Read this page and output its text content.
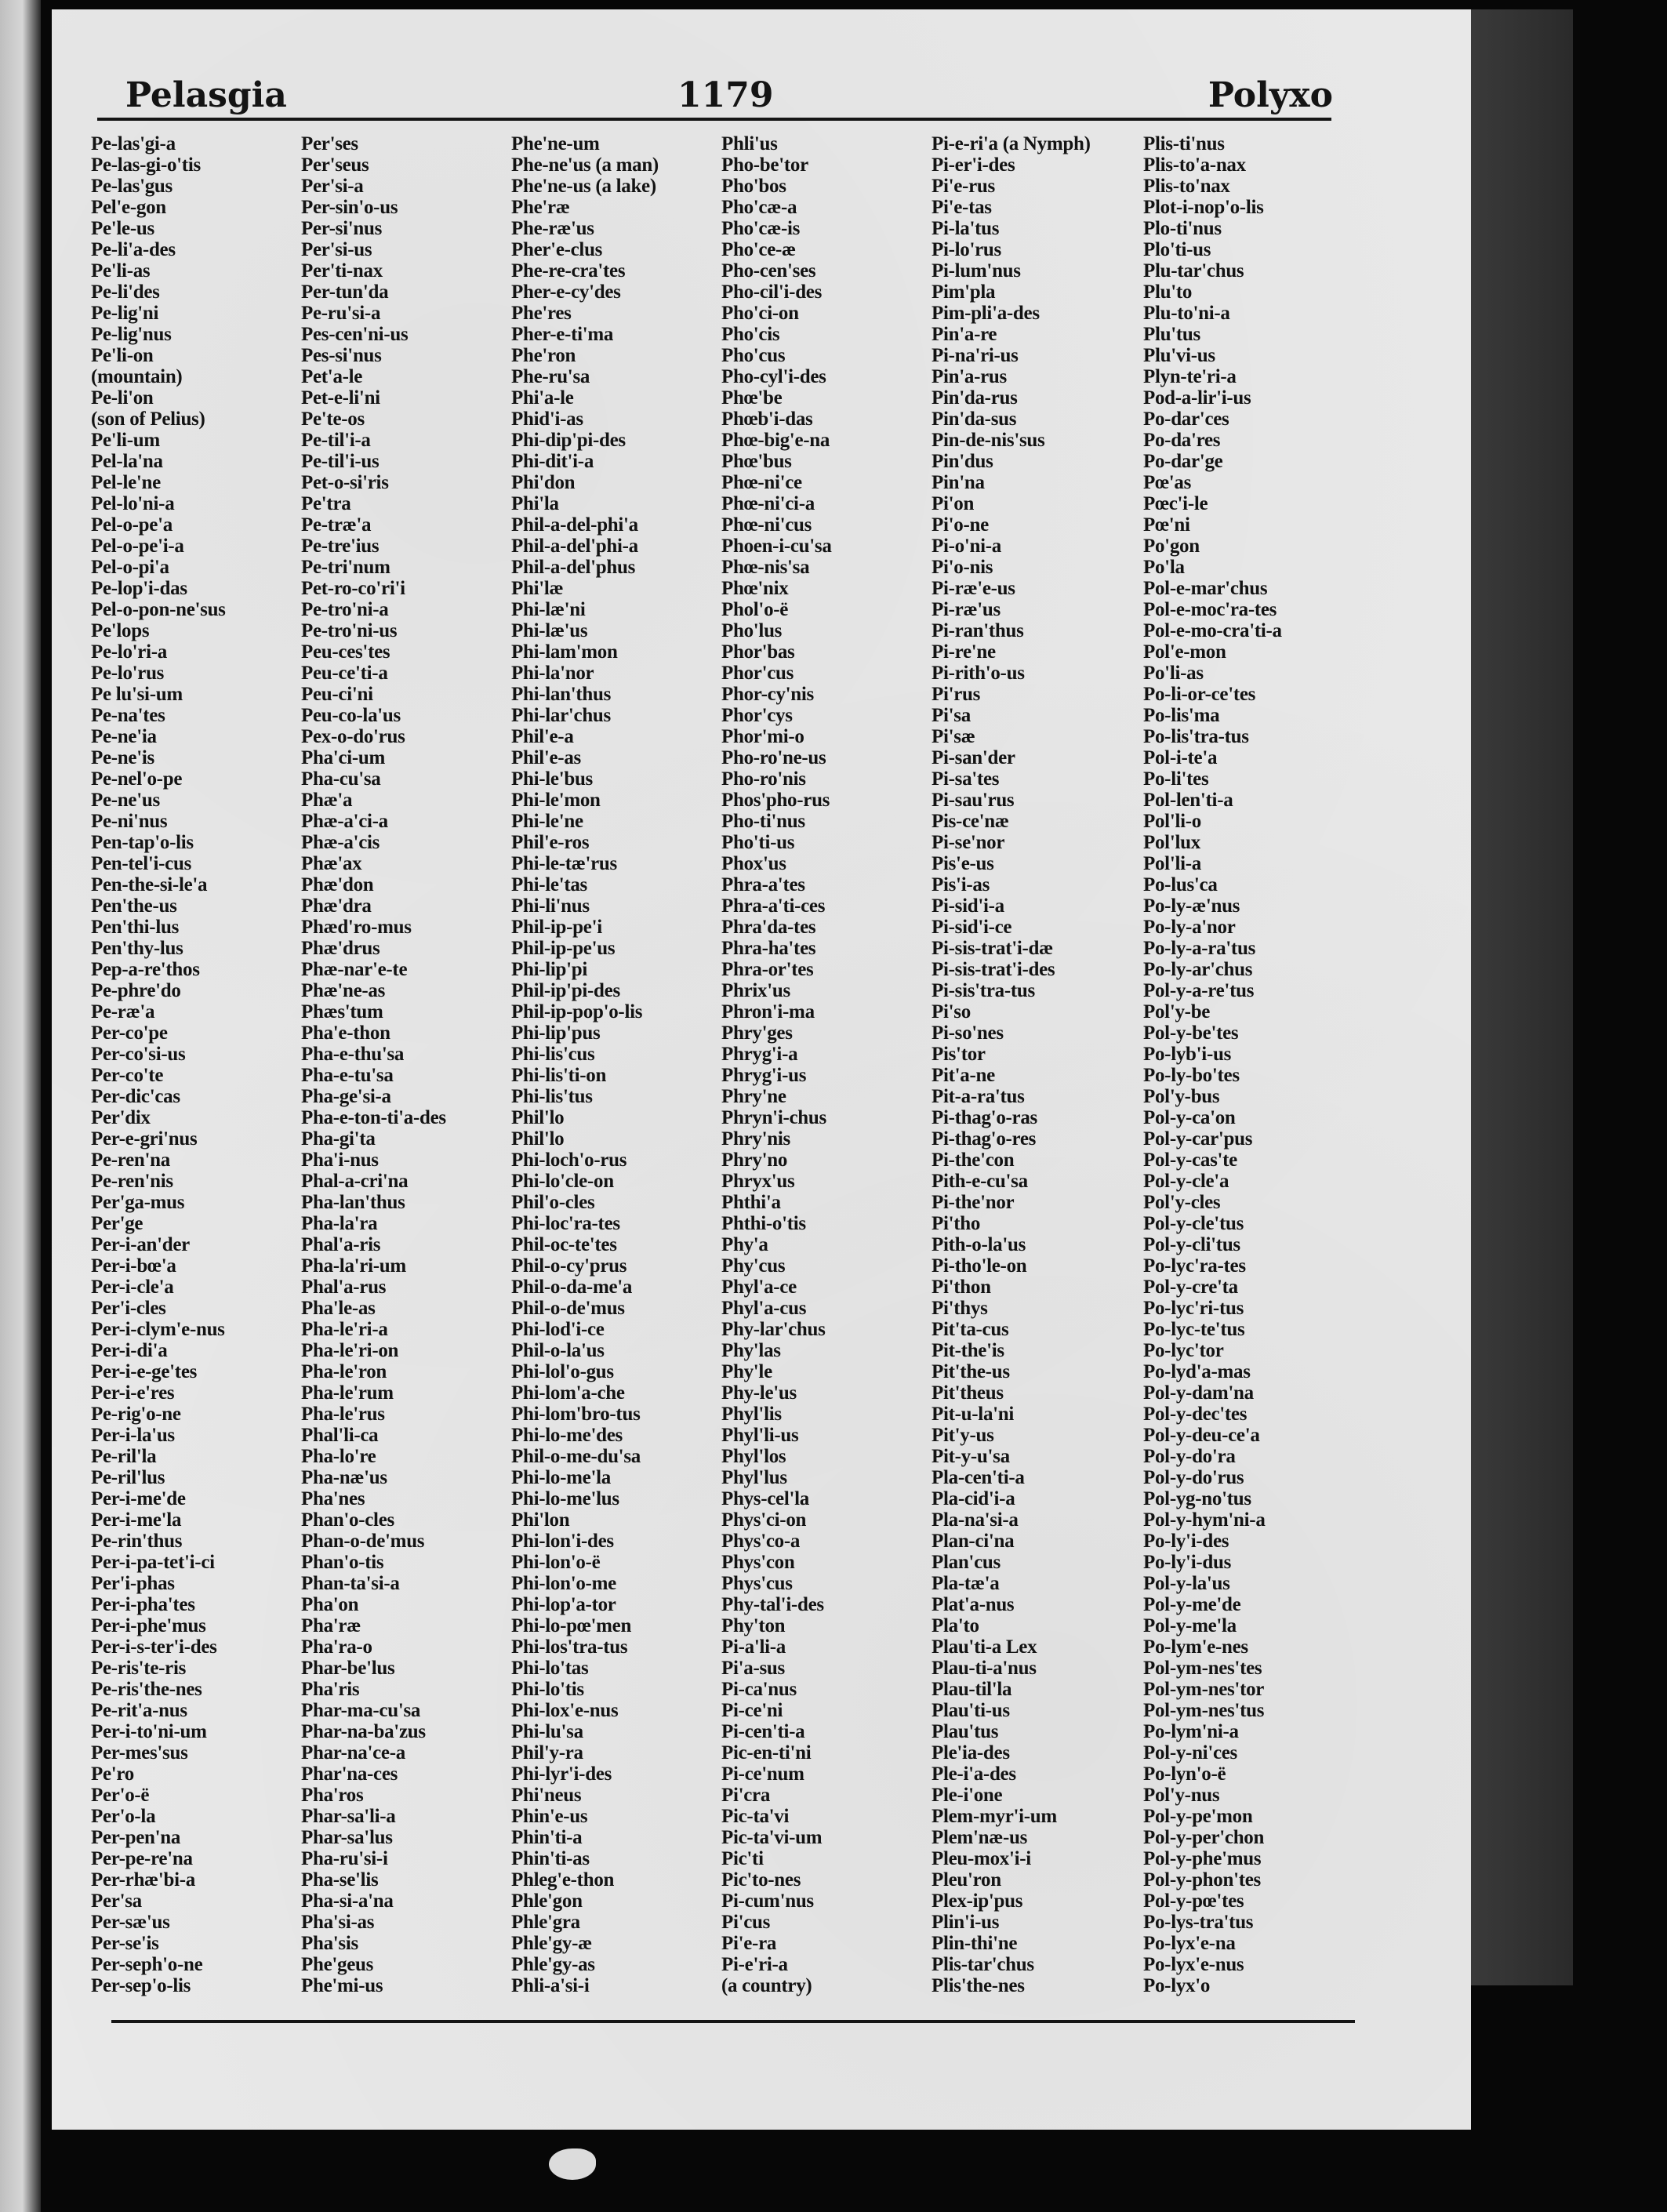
Pelasgia	1179	Polyxo
Pe-las'gi-a
Pe-las-gi-o'tis
Pe-las'gus
Pel'e-gon
Pe'le-us
Pe-li'a-des
Pe'li-as
Pe-li'des
Pe-lig'ni
Pe-lig'nus
Pe'li-on
(mountain)
Pe-li'on
(son of Pelius)
Pe'li-um
Pel-la'na
Pel-le'ne
Pel-lo'ni-a
Pel-o-pe'a
Pel-o-pe'i-a
Pel-o-pi'a
Pe-lop'i-das
Pel-o-pon-ne'sus
Pe'lops
Pe-lo'ri-a
Pe-lo'rus
Pe lu'si-um
Pe-na'tes
Pe-ne'ia
Pe-ne'is
Pe-nel'o-pe
Pe-ne'us
Pe-ni'nus
Pen-tap'o-lis
Pen-tel'i-cus
Pen-the-si-le'a
Pen'the-us
Pen'thi-lus
Pen'thy-lus
Pep-a-re'thos
Pe-phre'do
Pe-ræ'a
Per-co'pe
Per-co'si-us
Per-co'te
Per-dic'cas
Per'dix
Per-e-gri'nus
Pe-ren'na
Pe-ren'nis
Per'ga-mus
Per'ge
Per-i-an'der
Per-i-bœ'a
Per-i-cle'a
Per'i-cles
Per-i-clym'e-nus
Per-i-di'a
Per-i-e-ge'tes
Per-i-e'res
Pe-rig'o-ne
Per-i-la'us
Pe-ril'la
Pe-ril'lus
Per-i-me'de
Per-i-me'la
Pe-rin'thus
Per-i-pa-tet'i-ci
Per'i-phas
Per-i-pha'tes
Per-i-phe'mus
Per-i-s-ter'i-des
Pe-ris'te-ris
Pe-ris'the-nes
Pe-rit'a-nus
Per-i-to'ni-um
Per-mes'sus
Pe'ro
Per'o-ë
Per'o-la
Per-pen'na
Per-pe-re'na
Per-rhæ'bi-a
Per'sa
Per-sæ'us
Per-se'is
Per-seph'o-ne
Per-sep'o-lis
Per'ses
Per'seus
Per'si-a
Per-sin'o-us
Per-si'nus
Per'si-us
Per'ti-nax
Per-tun'da
Pe-ru'si-a
Pes-cen'ni-us
Pes-si'nus
Pet'a-le
Pet-e-li'ni
Pe'te-os
Pe-til'i-a
Pe-til'i-us
Pet-o-si'ris
Pe'tra
Pe-træ'a
Pe-tre'ius
Pe-tri'num
Pet-ro-co'ri'i
Pe-tro'ni-a
Pe-tro'ni-us
Peu-ces'tes
Peu-ce'ti-a
Peu-ci'ni
Peu-co-la'us
Pex-o-do'rus
Pha'ci-um
Pha-cu'sa
Phæ'a
Phæ-a'ci-a
Phæ-a'cis
Phæ'ax
Phæ'don
Phæ'dra
Phæd'ro-mus
Phæ'drus
Phæ-nar'e-te
Phæ'ne-as
Phæs'tum
Pha'e-thon
Pha-e-thu'sa
Pha-e-tu'sa
Pha-ge'si-a
Pha-e-ton-ti'a-des
Pha-gi'ta
Pha'i-nus
Phal-a-cri'na
Pha-lan'thus
Pha-la'ra
Phal'a-ris
Pha-la'ri-um
Phal'a-rus
Pha'le-as
Pha-le'ri-a
Pha-le'ri-on
Pha-le'ron
Pha-le'rum
Pha-le'rus
Phal'li-ca
Pha-lo're
Pha-næ'us
Pha'nes
Phan'o-cles
Phan-o-de'mus
Phan'o-tis
Phan-ta'si-a
Pha'on
Pha'ræ
Pha'ra-o
Phar-be'lus
Pha'ris
Phar-ma-cu'sa
Phar-na-ba'zus
Phar-na'ce-a
Phar'na-ces
Pha'ros
Phar-sa'li-a
Phar-sa'lus
Pha-ru'si-i
Pha-se'lis
Pha-si-a'na
Pha'si-as
Pha'sis
Phe'geus
Phe'mi-us
Phe'ne-um
Phe-ne'us (a man)
Phe'ne-us (a lake)
Phe'ræ
Phe-ræ'us
Pher'e-clus
Phe-re-cra'tes
Pher-e-cy'des
Phe'res
Pher-e-ti'ma
Phe'ron
Phe-ru'sa
Phi'a-le
Phid'i-as
Phi-dip'pi-des
Phi-dit'i-a
Phi'don
Phi'la
Phil-a-del-phi'a
Phil-a-del'phi-a
Phil-a-del'phus
Phi'læ
Phi-læ'ni
Phi-læ'us
Phi-lam'mon
Phi-la'nor
Phi-lan'thus
Phi-lar'chus
Phil'e-a
Phil'e-as
Phi-le'bus
Phi-le'mon
Phi-le'ne
Phil'e-ros
Phi-le-tæ'rus
Phi-le'tas
Phi-li'nus
Phil-ip-pe'i
Phil-ip-pe'us
Phi-lip'pi
Phil-ip'pi-des
Phil-ip-pop'o-lis
Phi-lip'pus
Phi-lis'cus
Phi-lis'ti-on
Phi-lis'tus
Phil'lo
Phil'lo
Phi-loch'o-rus
Phi-lo'cle-on
Phil'o-cles
Phi-loc'ra-tes
Phil-oc-te'tes
Phil-o-cy'prus
Phil-o-da-me'a
Phil-o-de'mus
Phi-lod'i-ce
Phil-o-la'us
Phi-lol'o-gus
Phi-lom'a-che
Phi-lom'bro-tus
Phi-lo-me'des
Phil-o-me-du'sa
Phi-lo-me'la
Phi-lo-me'lus
Phi'lon
Phi-lon'i-des
Phi-lon'o-ë
Phi-lon'o-me
Phi-lop'a-tor
Phi-lo-pœ'men
Phi-los'tra-tus
Phi-lo'tas
Phi-lo'tis
Phi-lox'e-nus
Phi-lu'sa
Phil'y-ra
Phi-lyr'i-des
Phi'neus
Phin'e-us
Phin'ti-a
Phin'ti-as
Phleg'e-thon
Phle'gon
Phle'gra
Phle'gy-æ
Phle'gy-as
Phli-a'si-i
Phli'us
Pho-be'tor
Pho'bos
Pho'cæ-a
Pho'cæ-is
Pho'ce-æ
Pho-cen'ses
Pho-cil'i-des
Pho'ci-on
Pho'cis
Pho'cus
Pho-cyl'i-des
Phœ'be
Phœb'i-das
Phœ-big'e-na
Phœ'bus
Phœ-ni'ce
Phœ-ni'ci-a
Phœ-ni'cus
Phoen-i-cu'sa
Phœ-nis'sa
Phœ'nix
Phol'o-ë
Pho'lus
Phor'bas
Phor'cus
Phor-cy'nis
Phor'cys
Phor'mi-o
Pho-ro'ne-us
Pho-ro'nis
Phos'pho-rus
Pho-ti'nus
Pho'ti-us
Phox'us
Phra-a'tes
Phra-a'ti-ces
Phra'da-tes
Phra-ha'tes
Phra-or'tes
Phrix'us
Phron'i-ma
Phry'ges
Phryg'i-a
Phryg'i-us
Phry'ne
Phryn'i-chus
Phry'nis
Phry'no
Phryx'us
Phthi'a
Phthi-o'tis
Phy'a
Phy'cus
Phyl'a-ce
Phyl'a-cus
Phy-lar'chus
Phy'las
Phy'le
Phy-le'us
Phyl'lis
Phyl'li-us
Phyl'los
Phyl'lus
Phys-cel'la
Phys'ci-on
Phys'co-a
Phys'con
Phys'cus
Phy-tal'i-des
Phy'ton
Pi-a'li-a
Pi'a-sus
Pi-ca'nus
Pi-ce'ni
Pi-cen'ti-a
Pic-en-ti'ni
Pi-ce'num
Pi'cra
Pic-ta'vi
Pic-ta'vi-um
Pic'ti
Pic'to-nes
Pi-cum'nus
Pi'cus
Pi'e-ra
Pi-e'ri-a
(a country)
Pi-e-ri'a (a Nymph)
Pi-er'i-des
Pi'e-rus
Pi'e-tas
Pi-la'tus
Pi-lo'rus
Pi-lum'nus
Pim'pla
Pim-pli'a-des
Pin'a-re
Pi-na'ri-us
Pin'a-rus
Pin'da-rus
Pin'da-sus
Pin-de-nis'sus
Pin'dus
Pin'na
Pi'on
Pi'o-ne
Pi-o'ni-a
Pi'o-nis
Pi-ræ'e-us
Pi-ræ'us
Pi-ran'thus
Pi-re'ne
Pi-rith'o-us
Pi'rus
Pi'sa
Pi'sæ
Pi-san'der
Pi-sa'tes
Pi-sau'rus
Pis-ce'næ
Pi-se'nor
Pis'e-us
Pis'i-as
Pi-sid'i-a
Pi-sid'i-ce
Pi-sis-trat'i-dæ
Pi-sis-trat'i-des
Pi-sis'tra-tus
Pi'so
Pi-so'nes
Pis'tor
Pit'a-ne
Pit-a-ra'tus
Pi-thag'o-ras
Pi-thag'o-res
Pi-the'con
Pith-e-cu'sa
Pi-the'nor
Pi'tho
Pith-o-la'us
Pi-tho'le-on
Pi'thon
Pi'thys
Pit'ta-cus
Pit-the'is
Pit'the-us
Pit'theus
Pit-u-la'ni
Pit'y-us
Pit-y-u'sa
Pla-cen'ti-a
Pla-cid'i-a
Pla-na'si-a
Plan-ci'na
Plan'cus
Pla-tæ'a
Plat'a-nus
Pla'to
Plau'ti-a Lex
Plau-ti-a'nus
Plau-til'la
Plau'ti-us
Plau'tus
Ple'ia-des
Ple-i'a-des
Ple-i'one
Plem-myr'i-um
Plem'næ-us
Pleu-mox'i-i
Pleu'ron
Plex-ip'pus
Plin'i-us
Plin-thi'ne
Plis-tar'chus
Plis'the-nes
Plis-ti'nus
Plis-to'a-nax
Plis-to'nax
Plot-i-nop'o-lis
Plo-ti'nus
Plo'ti-us
Plu-tar'chus
Plu'to
Plu-to'ni-a
Plu'tus
Plu'vi-us
Plyn-te'ri-a
Pod-a-lir'i-us
Po-dar'ces
Po-da'res
Po-dar'ge
Pœ'as
Pœc'i-le
Pœ'ni
Po'gon
Po'la
Pol-e-mar'chus
Pol-e-moc'ra-tes
Pol-e-mo-cra'ti-a
Pol'e-mon
Po'li-as
Po-li-or-ce'tes
Po-lis'ma
Po-lis'tra-tus
Pol-i-te'a
Po-li'tes
Pol-len'ti-a
Pol'li-o
Pol'lux
Pol'li-a
Po-lus'ca
Po-ly-æ'nus
Po-ly-a'nor
Po-ly-a-ra'tus
Po-ly-ar'chus
Pol-y-a-re'tus
Pol'y-be
Pol-y-be'tes
Po-lyb'i-us
Po-ly-bo'tes
Pol'y-bus
Pol-y-ca'on
Pol-y-car'pus
Pol-y-cas'te
Pol-y-cle'a
Pol'y-cles
Pol-y-cle'tus
Pol-y-cli'tus
Po-lyc'ra-tes
Pol-y-cre'ta
Po-lyc'ri-tus
Po-lyc-te'tus
Po-lyc'tor
Po-lyd'a-mas
Pol-y-dam'na
Pol-y-dec'tes
Pol-y-deu-ce'a
Pol-y-do'ra
Pol-y-do'rus
Pol-yg-no'tus
Pol-y-hym'ni-a
Po-ly'i-des
Po-ly'i-dus
Pol-y-la'us
Pol-y-me'de
Pol-y-me'la
Po-lym'e-nes
Pol-ym-nes'tes
Pol-ym-nes'tor
Pol-ym-nes'tus
Po-lym'ni-a
Pol-y-ni'ces
Po-lyn'o-ë
Pol'y-nus
Pol-y-pe'mon
Pol-y-per'chon
Pol-y-phe'mus
Pol-y-phon'tes
Pol-y-pœ'tes
Po-lys-tra'tus
Po-lyx'e-na
Po-lyx'e-nus
Po-lyx'o
